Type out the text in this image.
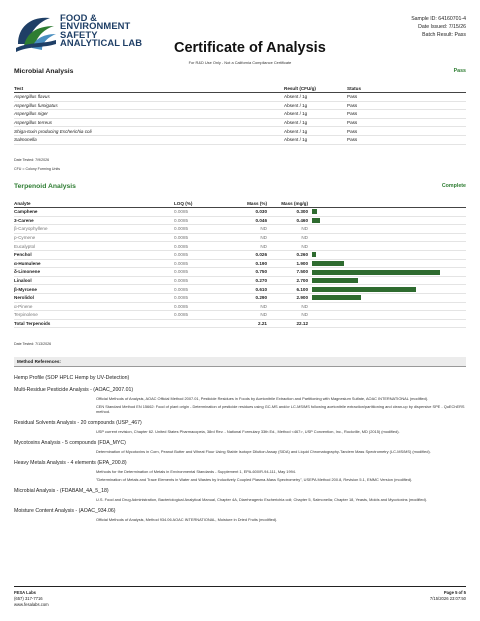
FOOD &
ENVIRONMENT
SAFETY
ANALYTICAL LAB Certificate of Analysis
Sample ID: 64160701-4
Date Issued: 7/15/26
Batch Result: Pass
For R&D Use Only - Not a California Compliance Certificate
Microbial Analysis	Pass
Test	Result (CFU/g)	Status
Aspergillus flavus	Absent / 1g	Pass
Aspergillus fumigatus	Absent / 1g	Pass
Aspergillus niger	Absent / 1g	Pass
Aspergillus terreus	Absent / 1g	Pass
Shiga-toxin producing Escherichia coli	Absent / 1g	Pass
Salmonella	Absent / 1g	Pass
Date Tested: 7/9/2026
CFU = Colony Forming Units
Terpenoid Analysis	Complete
Analyte	LOQ (%)	Mass (%)	Mass (mg/g)	
Camphene	0.0085	0.030	0.300	
3-Carene	0.0085	0.046	0.460	
β-Caryophyllene	0.0085	ND	ND	
p-Cymene	0.0085	ND	ND	
Eucalyptol	0.0085	ND	ND	
Fenchol	0.0085	0.026	0.260	
α-Humulene	0.0085	0.190	1.900	
δ-Limonene	0.0085	0.750	7.500	
Linalool	0.0085	0.270	2.700	
β-Myrcene	0.0085	0.610	6.100	
Nerolidol	0.0085	0.290	2.900	
α-Pinene	0.0085	ND	ND	
Terpinolene	0.0085	ND	ND	
Total Terpenoids		2.21	22.12	
Date Tested: 7/13/2026
Method References:
Hemp Profile (SOP HPLC Hemp by UV-Detection)
Multi-Residue Pesticide Analysis - (AOAC_2007.01)
Official Methods of Analysis, AOAC Official Method 2007.01, Pesticide Residues in Foods by Acetonitrile Extraction and Partitioning with Magnesium Sulfate, AOAC INTERNATIONAL (modified).
CEN Standard Method EN 15662: Food of plant origin - Determination of pesticide residues using GC-MS and/or LC-MS/MS following acetonitrile extraction/partitioning and clean-up by dispersive SPE - QuEChERS method.
Residual Solvents Analysis - 20 compounds (USP_467)
USP current revision, Chapter 62. United States Pharmacopeia, 38rd Rev. - National Formulary 33th Ed., Method <467>, USP Convention, Inc., Rockville, MD (2015) (modified).
Mycotoxins Analysis - 5 compounds (FDA_MYC)
Determination of Mycotoxins in Corn, Peanut Butter and Wheat Flour Using Stable Isotope Dilution Assay (SIDA) and Liquid Chromatography-Tandem Mass Spectrometry (LC-MS/MS) (modified).
Heavy Metals Analysis - 4 elements (EPA_200.8)
Methods for the Determination of Metals in Environmental Standards - Supplement 1, EPA-600/R-94-111, May 1994.
"Determination of Metals and Trace Elements in Water and Wastes by Inductively Coupled Plasma-Mass Spectrometry", USEPA Method 200.8, Revision 5.1, EMMC Version (modified).
Microbial Analysis - (FDABAM_4A_5_18)
U.S. Food and Drug Administration, Bacteriological Analytical Manual, Chapter 4A, Diarrheagenic Escherichia coli; Chapter 5, Salmonella; Chapter 18, Yeasts, Molds and Mycotoxins (modified).
Moisture Content Analysis - (AOAC_934.06)
Official Methods of Analysis, Method 934.06 AOAC INTERNATIONAL, Moisture in Dried Fruits (modified).
FESA Labs
(657) 317-7716
www.fesalabs.com
Page 5 of 5
7/15/2026 23:07:50
